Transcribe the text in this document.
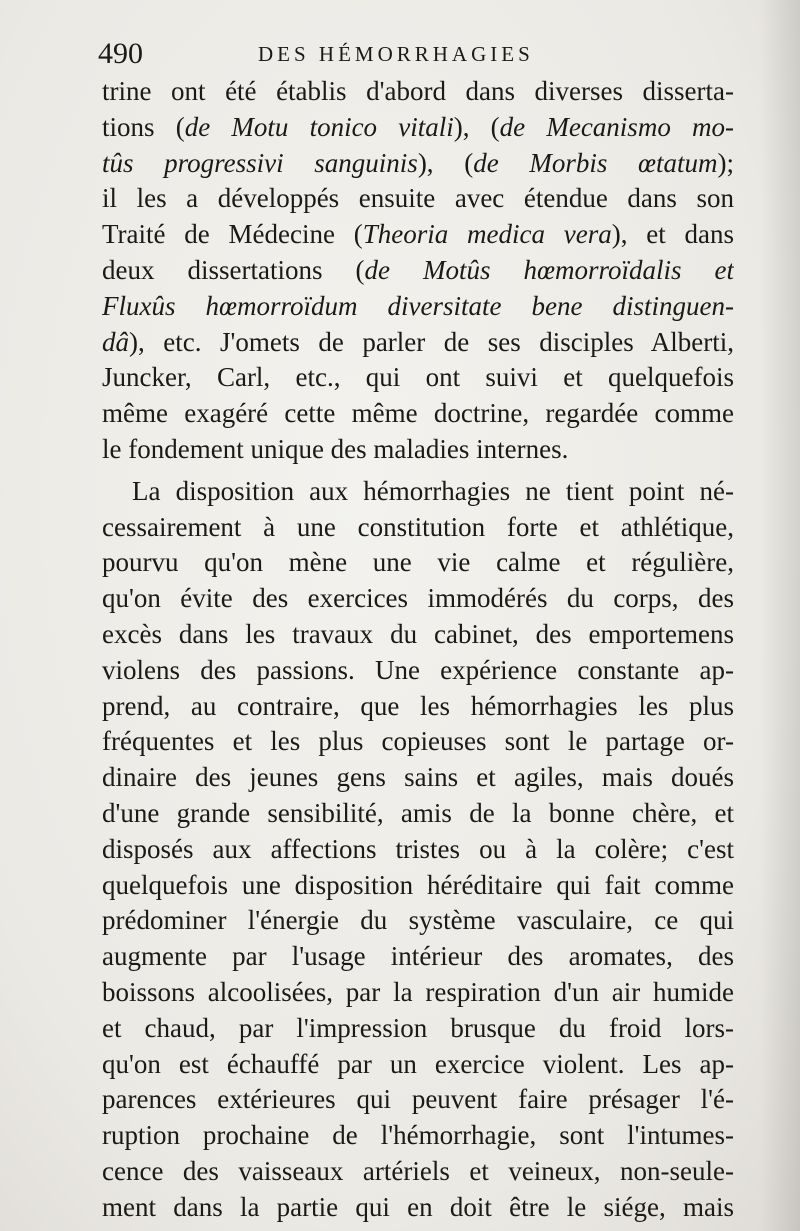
490	DES HÉMORRHAGIES
trine ont été établis d'abord dans diverses disserta-
tions (de Motu tonico vitali), (de Mecanismo mo-
tûs progressivi sanguinis), (de Morbis œtatum);
il les a développés ensuite avec étendue dans son
Traité de Médecine (Theoria medica vera), et dans
deux dissertations (de Motûs hœmorroïdalis et
Fluxûs hœmorroïdum diversitate bene distinguen-
dâ), etc. J'omets de parler de ses disciples Alberti,
Juncker, Carl, etc., qui ont suivi et quelquefois
même exagéré cette même doctrine, regardée comme
le fondement unique des maladies internes.
La disposition aux hémorrhagies ne tient point né-
cessairement à une constitution forte et athlétique,
pourvu qu'on mène une vie calme et régulière,
qu'on évite des exercices immodérés du corps, des
excès dans les travaux du cabinet, des emportemens
violens des passions. Une expérience constante ap-
prend, au contraire, que les hémorrhagies les plus
fréquentes et les plus copieuses sont le partage or-
dinaire des jeunes gens sains et agiles, mais doués
d'une grande sensibilité, amis de la bonne chère, et
disposés aux affections tristes ou à la colère; c'est
quelquefois une disposition héréditaire qui fait comme
prédominer l'énergie du système vasculaire, ce qui
augmente par l'usage intérieur des aromates, des
boissons alcoolisées, par la respiration d'un air humide
et chaud, par l'impression brusque du froid lors-
qu'on est échauffé par un exercice violent. Les ap-
parences extérieures qui peuvent faire présager l'é-
ruption prochaine de l'hémorrhagie, sont l'intumes-
cence des vaisseaux artériels et veineux, non-seule-
ment dans la partie qui en doit être le siége, mais
